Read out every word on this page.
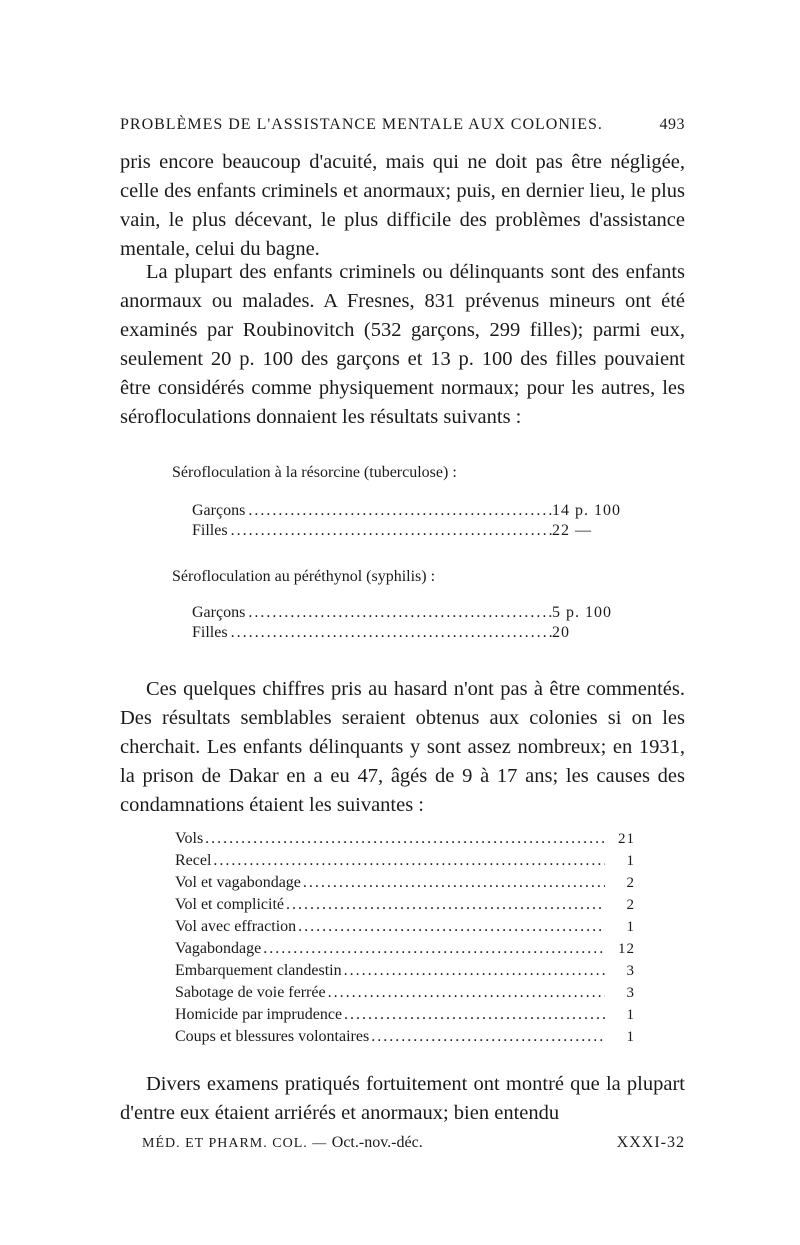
PROBLÈMES DE L'ASSISTANCE MENTALE AUX COLONIES.	493

pris encore beaucoup d'acuité, mais qui ne doit pas être négligée, celle des enfants criminels et anormaux; puis, en dernier lieu, le plus vain, le plus décevant, le plus difficile des problèmes d'assistance mentale, celui du bagne.

La plupart des enfants criminels ou délinquants sont des enfants anormaux ou malades. A Fresnes, 831 prévenus mineurs ont été examinés par Roubinovitch (532 garçons, 299 filles); parmi eux, seulement 20 p. 100 des garçons et 13 p. 100 des filles pouvaient être considérés comme physiquement normaux; pour les autres, les sérofloculations donnaient les résultats suivants :

Sérofloculation à la résorcine (tuberculose) :
Garçons .....	14 p. 100
Filles .....	22 —
Sérofloculation au péréthynol (syphilis) :
Garçons .....	5 p. 100
Filles .....	20

Ces quelques chiffres pris au hasard n'ont pas à être commentés. Des résultats semblables seraient obtenus aux colonies si on les cherchait. Les enfants délinquants y sont assez nombreux; en 1931, la prison de Dakar en a eu 47, âgés de 9 à 17 ans; les causes des condamnations étaient les suivantes :

Vols .....	21
Recel .....	1
Vol et vagabondage .....	2
Vol et complicité .....	2
Vol avec effraction .....	1
Vagabondage .....	12
Embarquement clandestin .....	3
Sabotage de voie ferrée .....	3
Homicide par imprudence .....	1
Coups et blessures volontaires .....	1

Divers examens pratiqués fortuitement ont montré que la plupart d'entre eux étaient arriérés et anormaux; bien entendu

MÉD. ET PHARM. COL. — Oct.-nov.-déc.	XXXI-32
